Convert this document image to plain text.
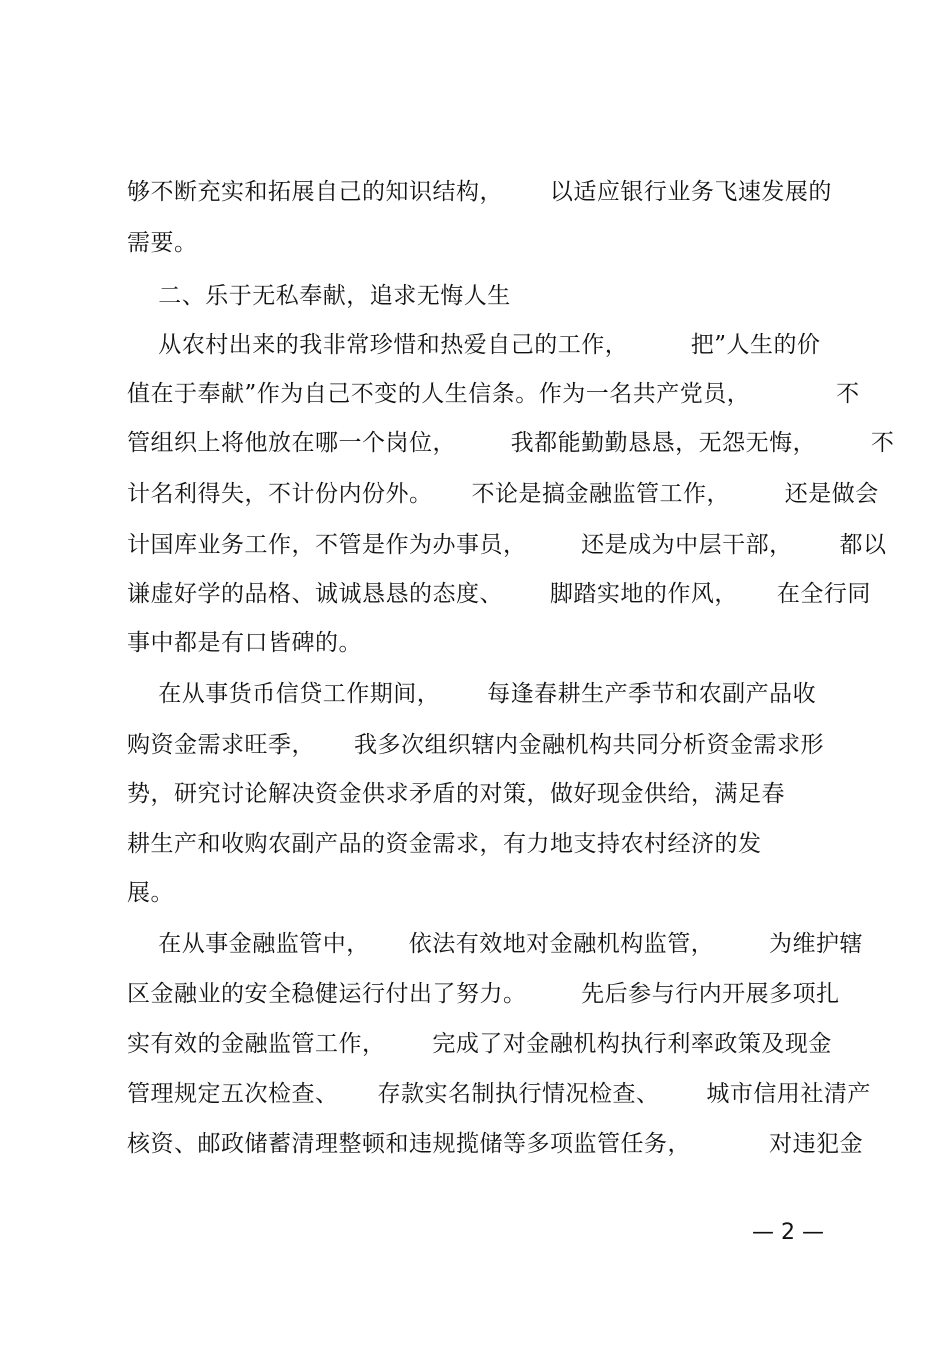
够不断充实和拓展自己的知识结构，      以适应银行业务飞速发展的
需要。
二、乐于无私奉献，追求无悔人生
从农村出来的我非常珍惜和热爱自己的工作，        把”人生的价
值在于奉献”作为自己不变的人生信条。作为一名共产党员，           不
管组织上将他放在哪一个岗位，       我都能勤勤恳恳，无怨无悔，       不
计名利得失，不计份内份外。     不论是搞金融监管工作，       还是做会
计国库业务工作，不管是作为办事员，       还是成为中层干部，      都以
谦虚好学的品格、诚诚恳恳的态度、      脚踏实地的作风，     在全行同
事中都是有口皆碑的。
在从事货币信贷工作期间，      每逢春耕生产季节和农副产品收
购资金需求旺季，     我多次组织辖内金融机构共同分析资金需求形
势，研究讨论解决资金供求矛盾的对策，做好现金供给，满足春
耕生产和收购农副产品的资金需求，有力地支持农村经济的发
展。
在从事金融监管中，     依法有效地对金融机构监管，       为维护辖
区金融业的安全稳健运行付出了努力。       先后参与行内开展多项扎
实有效的金融监管工作，      完成了对金融机构执行利率政策及现金
管理规定五次检查、     存款实名制执行情况检查、      城市信用社清产
核资、邮政储蓄清理整顿和违规揽储等多项监管任务，          对违犯金
— 2 —
